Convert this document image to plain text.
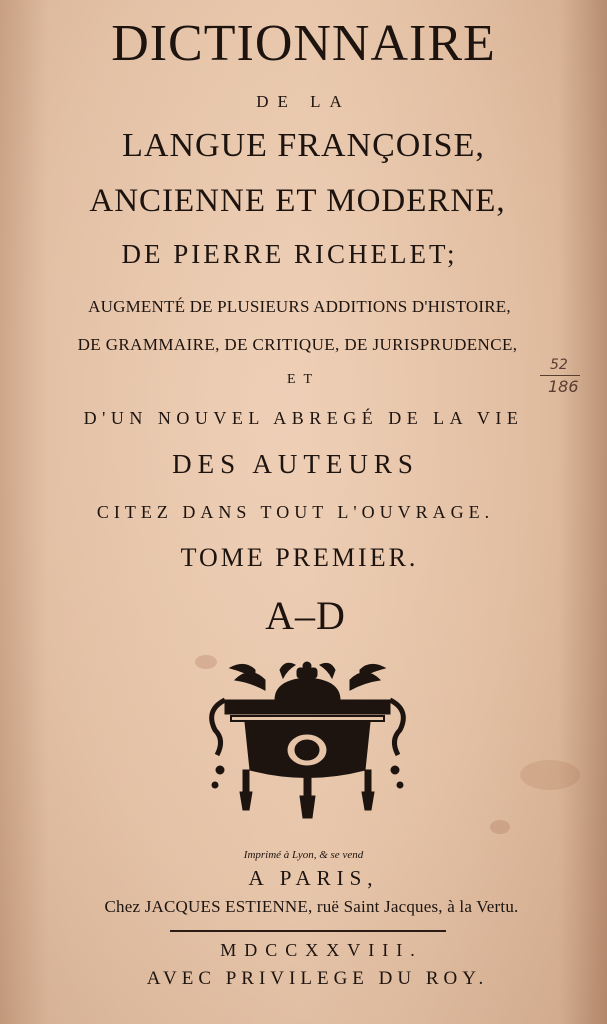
DICTIONNAIRE
DE LA
LANGUE FRANÇOISE,
ANCIENNE ET MODERNE,
DE PIERRE RICHELET;
AUGMENTÉ DE PLUSIEURS ADDITIONS D'HISTOIRE,
DE GRAMMAIRE, DE CRITIQUE, DE JURISPRUDENCE,
ET
D'UN NOUVEL ABREGÉ DE LA VIE
DES AUTEURS
CITEZ DANS TOUT L'OUVRAGE.
TOME PREMIER.
A–D
52
186
Imprimé à Lyon, & se vend
A PARIS,
Chez JACQUES ESTIENNE, ruë Saint Jacques, à la Vertu.
MDCCXXVIII.
AVEC PRIVILEGE DU ROY.
